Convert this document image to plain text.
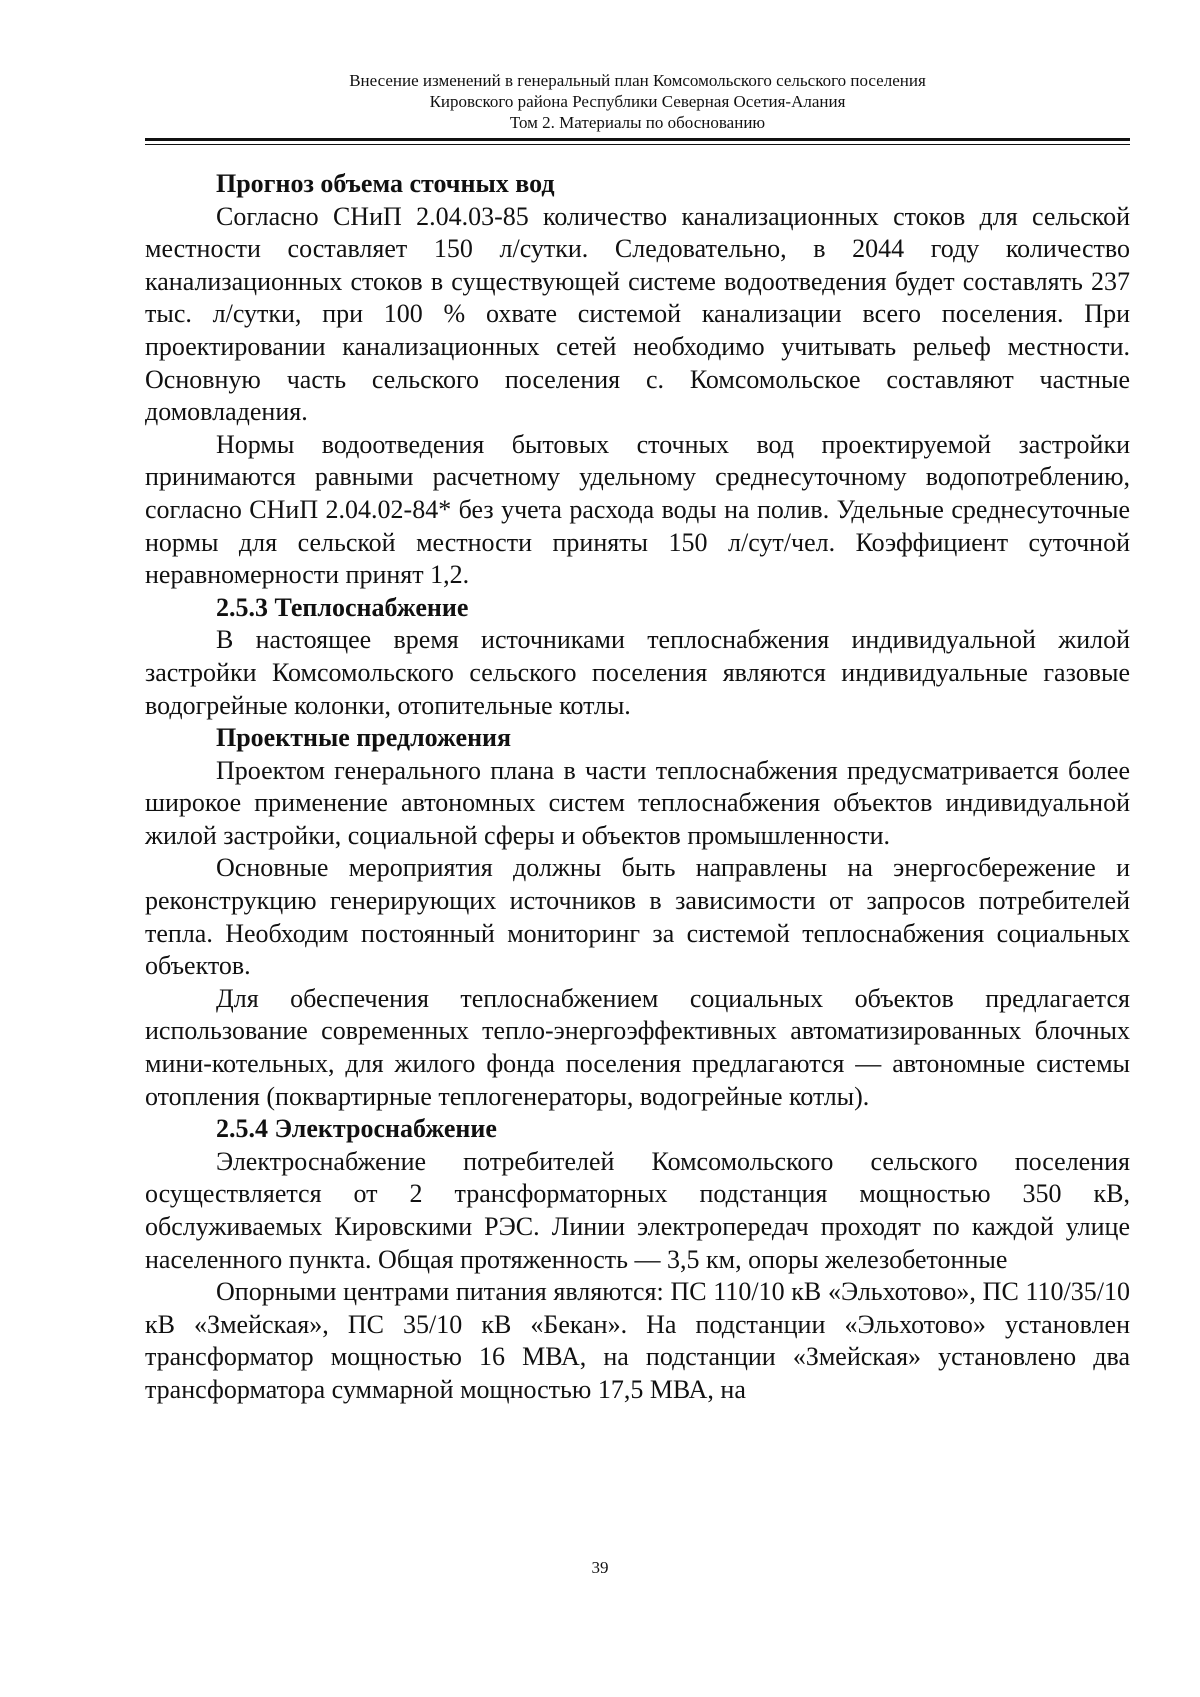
Внесение изменений в генеральный план Комсомольского сельского поселения
Кировского района Республики Северная Осетия-Алания
Том 2. Материалы по обоснованию
Прогноз объема сточных вод

Согласно СНиП 2.04.03-85 количество канализационных стоков для сельской местности составляет 150 л/сутки. Следовательно, в 2044 году количество канализационных стоков в существующей системе водоотведения будет составлять 237 тыс. л/сутки, при 100 % охвате системой канализации всего поселения. При проектировании канализационных сетей необходимо учитывать рельеф местности. Основную часть сельского поселения с. Комсомольское составляют частные домовладения.

Нормы водоотведения бытовых сточных вод проектируемой застройки принимаются равными расчетному удельному среднесуточному водопотреблению, согласно СНиП 2.04.02-84* без учета расхода воды на полив. Удельные среднесуточные нормы для сельской местности приняты 150 л/сут/чел. Коэффициент суточной неравномерности принят 1,2.

2.5.3 Теплоснабжение

В настоящее время источниками теплоснабжения индивидуальной жилой застройки Комсомольского сельского поселения являются индивидуальные газовые водогрейные колонки, отопительные котлы.

Проектные предложения

Проектом генерального плана в части теплоснабжения предусматривается более широкое применение автономных систем теплоснабжения объектов индивидуальной жилой застройки, социальной сферы и объектов промышленности.

Основные мероприятия должны быть направлены на энергосбережение и реконструкцию генерирующих источников в зависимости от запросов потребителей тепла. Необходим постоянный мониторинг за системой теплоснабжения социальных объектов.

Для обеспечения теплоснабжением социальных объектов предлагается использование современных тепло-энергоэффективных автоматизированных блочных мини-котельных, для жилого фонда поселения предлагаются — автономные системы отопления (поквартирные теплогенераторы, водогрейные котлы).

2.5.4 Электроснабжение

Электроснабжение потребителей Комсомольского сельского поселения осуществляется от 2 трансформаторных подстанция мощностью 350 кВ, обслуживаемых Кировскими РЭС. Линии электропередач проходят по каждой улице населенного пункта. Общая протяженность — 3,5 км, опоры железобетонные

Опорными центрами питания являются: ПС 110/10 кВ «Эльхотово», ПС 110/35/10 кВ «Змейская», ПС 35/10 кВ «Бекан». На подстанции «Эльхотово» установлен трансформатор мощностью 16 МВА, на подстанции «Змейская» установлено два трансформатора суммарной мощностью 17,5 МВА, на

39
